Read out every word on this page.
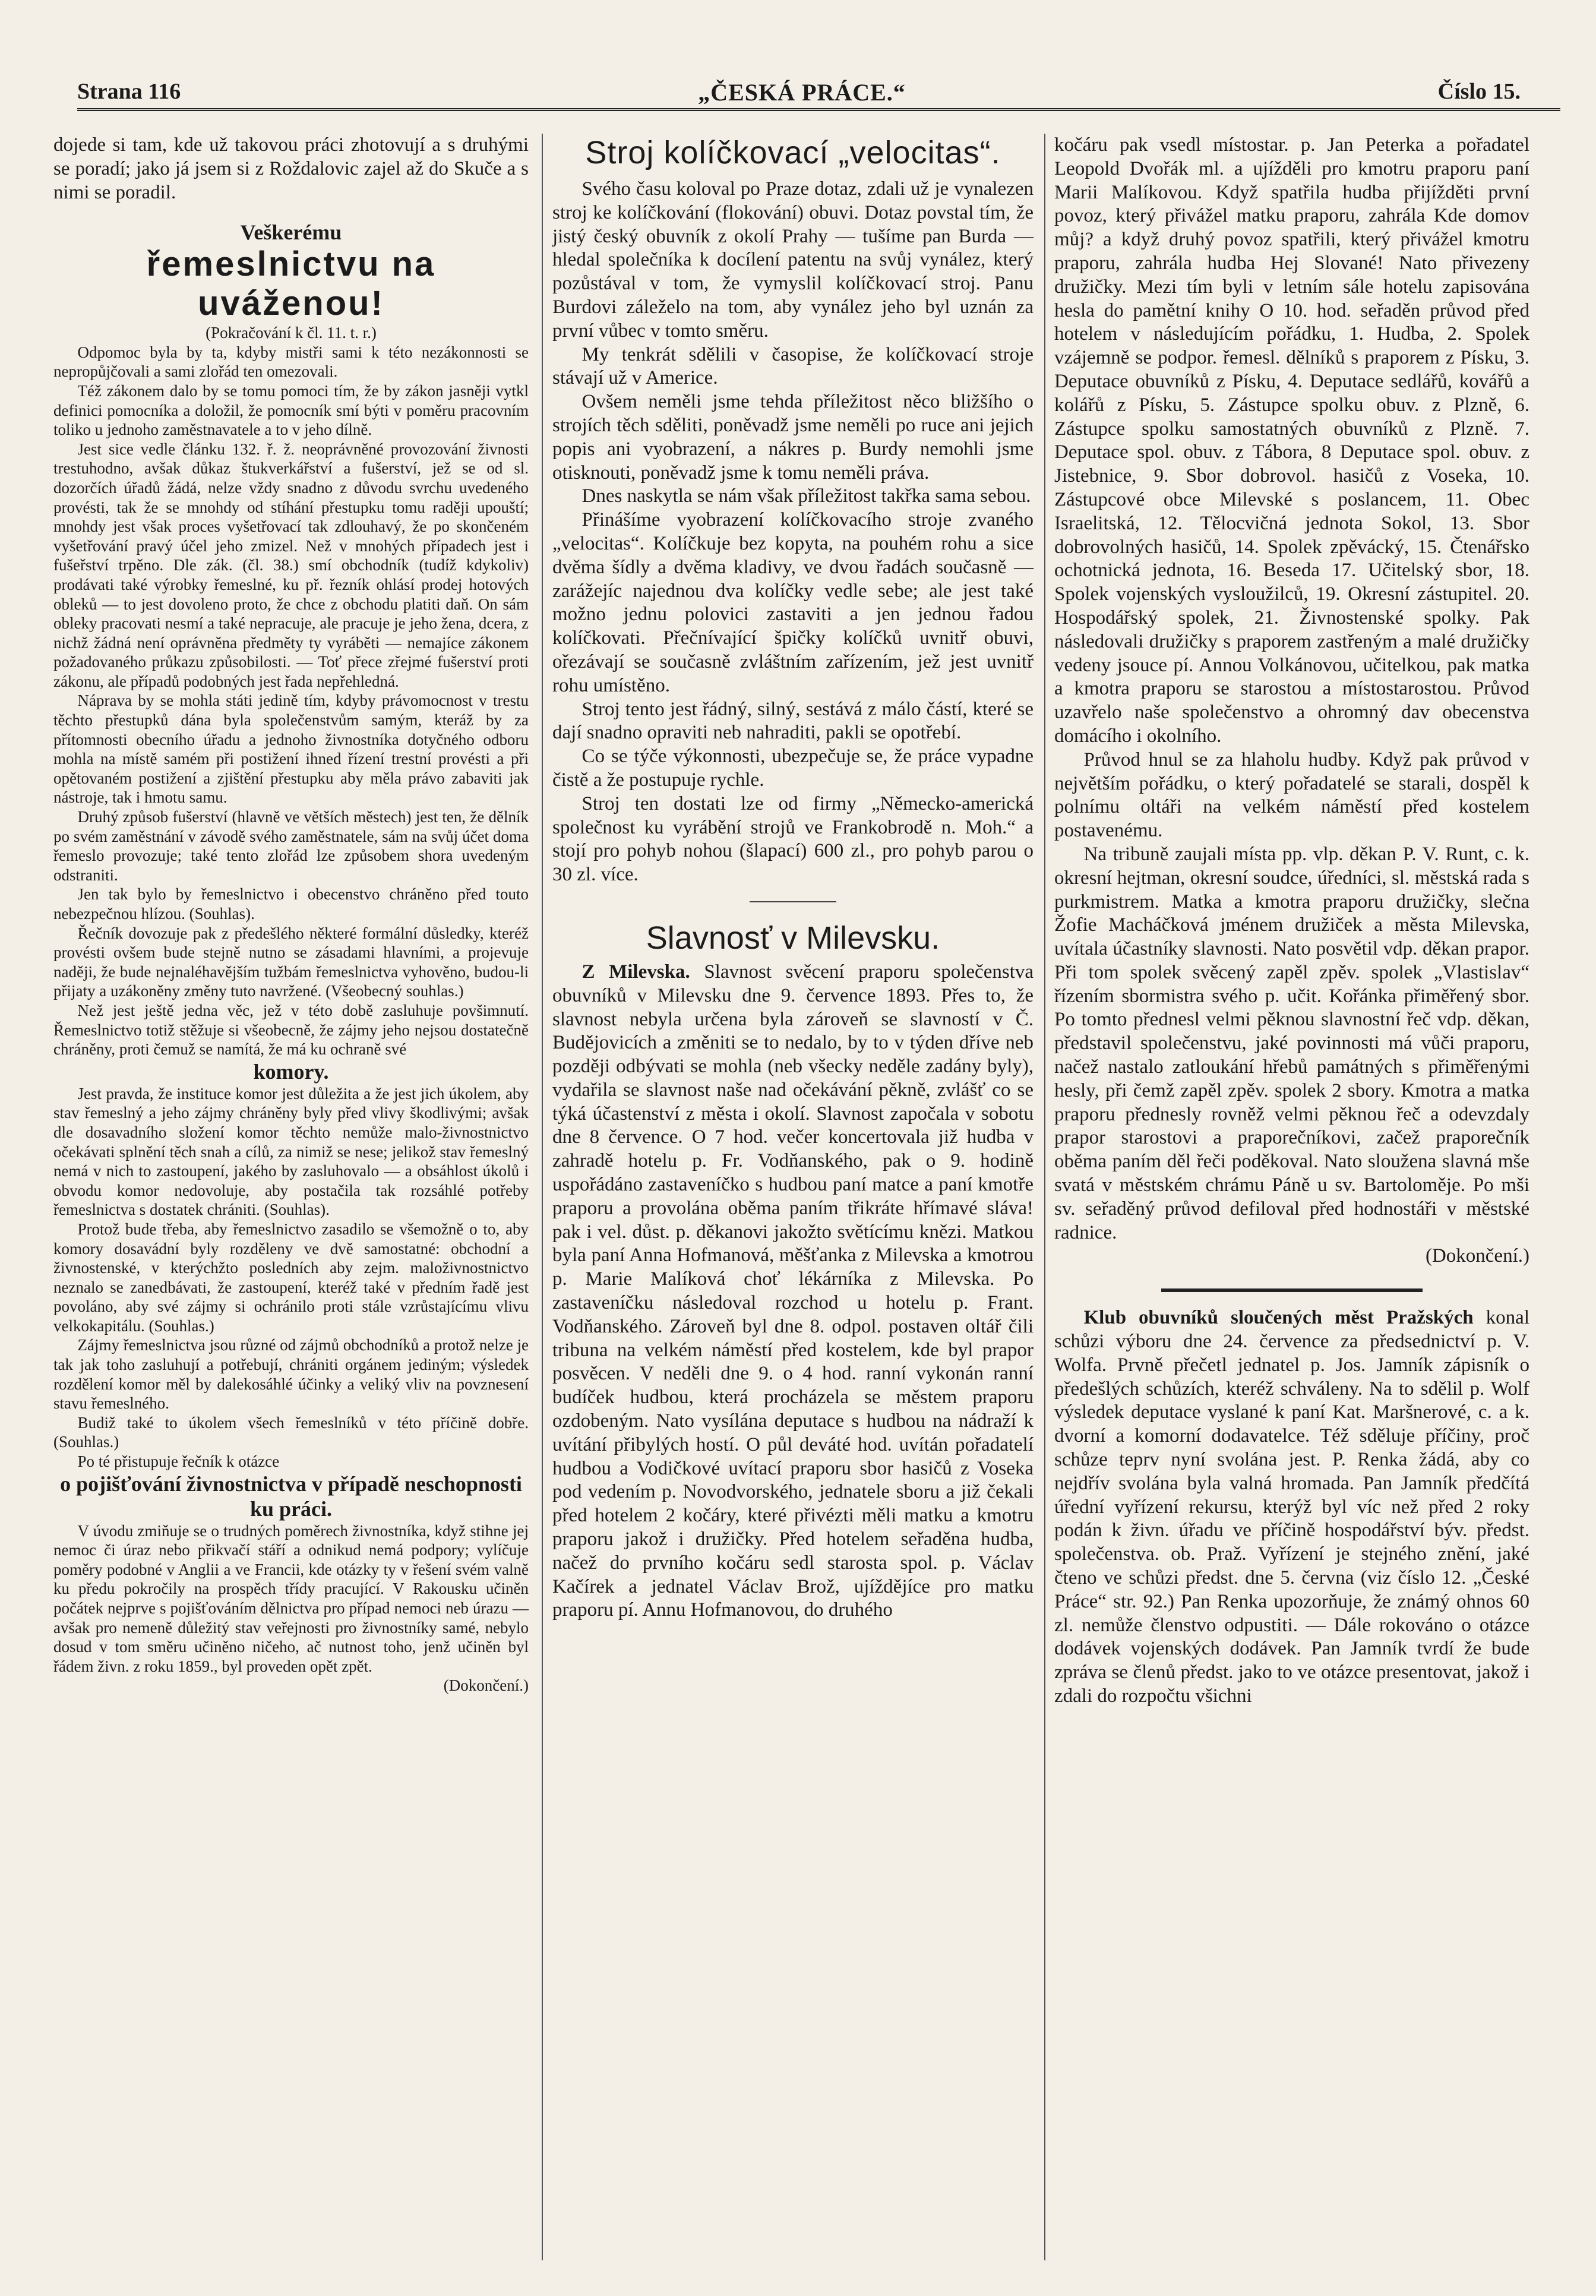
Strana 116	„ČESKÁ PRÁCE.“	Číslo 15.

dojede si tam, kde už takovou práci zhotovují a s druhými se poradí; jako já jsem si z Roždalovic zajel až do Skuče a s nimi se poradil.

Veškerému
řemeslnictvu na uváženou!

(Pokračování k čl. 11. t. r.)

Odpomoc byla by ta, kdyby mistři sami k této nezákonnosti se nepropůjčovali a sami zlořád ten omezovali.

Též zákonem dalo by se tomu pomoci tím, že by zákon jasněji vytkl definici pomocníka a doložil, že pomocník smí býti v poměru pracovním toliko u jednoho zaměstnavatele a to v jeho dílně.

Jest sice vedle článku 132. ř. ž. neoprávněné provozování živnosti trestuhodno, avšak důkaz štukverkářství a fušerství, jež se od sl. dozorčích úřadů žádá, nelze vždy snadno z důvodu svrchu uvedeného provésti, tak že se mnohdy od stíhání přestupku tomu raději upouští; mnohdy jest však proces vyšetřovací tak zdlouhavý, že po skončeném vyšetřování pravý účel jeho zmizel. Než v mnohých případech jest i fušeřství trpěno. Dle zák. (čl. 38.) smí obchodník (tudíž kdykoliv) prodávati také výrobky řemeslné, ku př. řezník ohlásí prodej hotových obleků — to jest dovoleno proto, že chce z obchodu platiti daň. On sám obleky pracovati nesmí a také nepracuje, ale pracuje je jeho žena, dcera, z nichž žádná není oprávněna předměty ty vyráběti — nemajíce zákonem požadovaného průkazu způsobilosti. — Toť přece zřejmé fušerství proti zákonu, ale případů podobných jest řada nepřehledná.

Náprava by se mohla státi jedině tím, kdyby právomocnost v trestu těchto přestupků dána byla společenstvům samým, kteráž by za přítomnosti obecního úřadu a jednoho živnostníka dotyčného odboru mohla na místě samém při postižení ihned řízení trestní provésti a při opětovaném postižení a zjištění přestupku aby měla právo zabaviti jak nástroje, tak i hmotu samu.

Druhý způsob fušerství (hlavně ve větších městech) jest ten, že dělník po svém zaměstnání v závodě svého zaměstnatele, sám na svůj účet doma řemeslo provozuje; také tento zlořád lze způsobem shora uvedeným odstraniti.

Jen tak bylo by řemeslnictvo i obecenstvo chráněno před touto nebezpečnou hlízou. (Souhlas).

Řečník dovozuje pak z předešlého některé formální důsledky, kteréž provésti ovšem bude stejně nutno se zásadami hlavními, a projevuje naději, že bude nejnaléhavějším tužbám řemeslnictva vyhověno, budou-li přijaty a uzákoněny změny tuto navržené. (Všeobecný souhlas.)

Než jest ještě jedna věc, jež v této době zasluhuje povšimnutí. Řemeslnictvo totiž stěžuje si všeobecně, že zájmy jeho nejsou dostatečně chráněny, proti čemuž se namítá, že má ku ochraně své

komory.

Jest pravda, že instituce komor jest důležita a že jest jich úkolem, aby stav řemeslný a jeho zájmy chráněny byly před vlivy škodlivými; avšak dle dosavadního složení komor těchto nemůže malo-živnostnictvo očekávati splnění těch snah a cílů, za nimiž se nese; jelikož stav řemeslný nemá v nich to zastoupení, jakého by zasluhovalo — a obsáhlost úkolů i obvodu komor nedovoluje, aby postačila tak rozsáhlé potřeby řemeslnictva s dostatek chrániti. (Souhlas).

Protož bude třeba, aby řemeslnictvo zasadilo se všemožně o to, aby komory dosavádní byly rozděleny ve dvě samostatné: obchodní a živnostenské, v kterýchžto posledních aby zejm. maloživnostnictvo neznalo se zanedbávati, že zastoupení, kteréž také v předním řadě jest povoláno, aby své zájmy si ochránilo proti stále vzrůstajícímu vlivu velkokapitálu. (Souhlas.)

Zájmy řemeslnictva jsou různé od zájmů obchodníků a protož nelze je tak jak toho zasluhují a potřebují, chrániti orgánem jediným; výsledek rozdělení komor měl by dalekosáhlé účinky a veliký vliv na povznesení stavu řemeslného.

Budiž také to úkolem všech řemeslníků v této příčině dobře. (Souhlas.)

Po té přistupuje řečník k otázce

o pojišťování živnostnictva v případě neschopnosti ku práci.

V úvodu zmiňuje se o trudných poměrech živnostníka, když stihne jej nemoc či úraz nebo přikvačí stáří a odnikud nemá podpory; vylíčuje poměry podobné v Anglii a ve Francii, kde otázky ty v řešení svém valně ku předu pokročily na prospěch třídy pracující. V Rakousku učiněn počátek nejprve s pojišťováním dělnictva pro případ nemoci neb úrazu — avšak pro nemeně důležitý stav veřejnosti pro živnostníky samé, nebylo dosud v tom směru učiněno ničeho, ač nutnost toho, jenž učiněn byl řádem živn. z roku 1859., byl proveden opět zpět.

(Dokončení.)

Stroj kolíčkovací „velocitas“.

Svého času koloval po Praze dotaz, zdali už je vynalezen stroj ke kolíčkování (flokování) obuvi. Dotaz povstal tím, že jistý český obuvník z okolí Prahy — tušíme pan Burda — hledal společníka k docílení patentu na svůj vynález, který pozůstával v tom, že vymyslil kolíčkovací stroj. Panu Burdovi záleželo na tom, aby vynález jeho byl uznán za první vůbec v tomto směru.

My tenkrát sdělili v časopise, že kolíčkovací stroje stávají už v Americe.

Ovšem neměli jsme tehda příležitost něco bližšího o strojích těch sděliti, poněvadž jsme neměli po ruce ani jejich popis ani vyobrazení, a nákres p. Burdy nemohli jsme otisknouti, poněvadž jsme k tomu neměli práva.

Dnes naskytla se nám však příležitost takřka sama sebou.

Přinášíme vyobrazení kolíčkovacího stroje zvaného „velocitas“. Kolíčkuje bez kopyta, na pouhém rohu a sice dvěma šídly a dvěma kladivy, ve dvou řadách současně — zarážejíc najednou dva kolíčky vedle sebe; ale jest také možno jednu polovici zastaviti a jen jednou řadou kolíčkovati. Přečnívající špičky kolíčků uvnitř obuvi, ořezávají se současně zvláštním zařízením, jež jest uvnitř rohu umístěno.

Stroj tento jest řádný, silný, sestává z málo částí, které se dají snadno opraviti neb nahraditi, pakli se opotřebí.

Co se týče výkonnosti, ubezpečuje se, že práce vypadne čistě a že postupuje rychle.

Stroj ten dostati lze od firmy „Německo-americká společnost ku vyrábění strojů ve Frankobrodě n. Moh.“ a stojí pro pohyb nohou (šlapací) 600 zl., pro pohyb parou o 30 zl. více.

Slavnosť v Milevsku.

Z Milevska. Slavnost svěcení praporu společenstva obuvníků v Milevsku dne 9. července 1893. Přes to, že slavnost nebyla určena byla zároveň se slavností v Č. Budějovicích a změniti se to nedalo, by to v týden dříve neb později odbývati se mohla (neb všecky neděle zadány byly), vydařila se slavnost naše nad očekávání pěkně, zvlášť co se týká účastenství z města i okolí. Slavnost započala v sobotu dne 8 července. O 7 hod. večer koncertovala již hudba v zahradě hotelu p. Fr. Vodňanského, pak o 9. hodině uspořádáno zastaveníčko s hudbou paní matce a paní kmotře praporu a provolána oběma paním třikráte hřímavé sláva! pak i vel. důst. p. děkanovi jakožto světícímu knězi. Matkou byla paní Anna Hofmanová, měšťanka z Milevska a kmotrou p. Marie Malíková choť lékárníka z Milevska. Po zastaveníčku následoval rozchod u hotelu p. Frant. Vodňanského. Zároveň byl dne 8. odpol. postaven oltář čili tribuna na velkém náměstí před kostelem, kde byl prapor posvěcen. V neděli dne 9. o 4 hod. ranní vykonán ranní budíček hudbou, která procházela se městem praporu ozdobeným. Nato vysílána deputace s hudbou na nádraží k uvítání přibylých hostí. O půl deváté hod. uvítán pořadatelí hudbou a Vodičkové uvítací praporu sbor hasičů z Voseka pod vedením p. Novodvorského, jednatele sboru a již čekali před hotelem 2 kočáry, které přivézti měli matku a kmotru praporu jakož i družičky. Před hotelem seřaděna hudba, načež do prvního kočáru sedl starosta spol. p. Václav Kačírek a jednatel Václav Brož, ujíždějíce pro matku praporu pí. Annu Hofmanovou, do druhého

kočáru pak vsedl místostar. p. Jan Peterka a pořadatel Leopold Dvořák ml. a ujížděli pro kmotru praporu paní Marii Malíkovou. Když spatřila hudba přijížděti první povoz, který přivážel matku praporu, zahrála Kde domov můj? a když druhý povoz spatřili, který přivážel kmotru praporu, zahrála hudba Hej Slované! Nato přivezeny družičky. Mezi tím byli v letním sále hotelu zapisována hesla do pamětní knihy O 10. hod. seřaděn průvod před hotelem v následujícím pořádku, 1. Hudba, 2. Spolek vzájemně se podpor. řemesl. dělníků s praporem z Písku, 3. Deputace obuvníků z Písku, 4. Deputace sedlářů, kovářů a kolářů z Písku, 5. Zástupce spolku obuv. z Plzně, 6. Zástupce spolku samostatných obuvníků z Plzně. 7. Deputace spol. obuv. z Tábora, 8 Deputace spol. obuv. z Jistebnice, 9. Sbor dobrovol. hasičů z Voseka, 10. Zástupcové obce Milevské s poslancem, 11. Obec Israelitská, 12. Tělocvičná jednota Sokol, 13. Sbor dobrovolných hasičů, 14. Spolek zpěvácký, 15. Čtenářsko ochotnická jednota, 16. Beseda 17. Učitelský sbor, 18. Spolek vojenských vysloužilců, 19. Okresní zástupitel. 20. Hospodářský spolek, 21. Živnostenské spolky. Pak následovali družičky s praporem zastřeným a malé družičky vedeny jsouce pí. Annou Volkánovou, učitelkou, pak matka a kmotra praporu se starostou a místostarostou. Průvod uzavřelo naše společenstvo a ohromný dav obecenstva domácího i okolního.

Průvod hnul se za hlaholu hudby. Když pak průvod v největším pořádku, o který pořadatelé se starali, dospěl k polnímu oltáři na velkém náměstí před kostelem postavenému.

Na tribuně zaujali místa pp. vlp. děkan P. V. Runt, c. k. okresní hejtman, okresní soudce, úředníci, sl. městská rada s purkmistrem. Matka a kmotra praporu družičky, slečna Žofie Macháčková jménem družiček a města Milevska, uvítala účastníky slavnosti. Nato posvětil vdp. děkan prapor. Při tom spolek svěcený zapěl zpěv. spolek „Vlastislav“ řízením sbormistra svého p. učit. Kořánka přiměřený sbor. Po tomto přednesl velmi pěknou slavnostní řeč vdp. děkan, představil společenstvu, jaké povinnosti má vůči praporu, načež nastalo zatloukání hřebů památných s přiměřenými hesly, při čemž zapěl zpěv. spolek 2 sbory. Kmotra a matka praporu přednesly rovněž velmi pěknou řeč a odevzdaly prapor starostovi a praporečníkovi, začež praporečník oběma paním děl řeči poděkoval. Nato sloužena slavná mše svatá v městském chrámu Páně u sv. Bartoloměje. Po mši sv. seřaděný průvod defiloval před hodnostáři v městské radnice.

(Dokončení.)

Klub obuvníků sloučených měst Pražských konal schůzi výboru dne 24. července za předsednictví p. V. Wolfa. Prvně přečetl jednatel p. Jos. Jamník zápisník o předešlých schůzích, kteréž schváleny. Na to sdělil p. Wolf výsledek deputace vyslané k paní Kat. Maršnerové, c. a k. dvorní a komorní dodavatelce. Též sděluje příčiny, proč schůze teprv nyní svolána jest. P. Renka žádá, aby co nejdřív svolána byla valná hromada. Pan Jamník předčítá úřední vyřízení rekursu, kterýž byl víc než před 2 roky podán k živn. úřadu ve příčině hospodářství býv. předst. společenstva. ob. Praž. Vyřízení je stejného znění, jaké čteno ve schůzi předst. dne 5. června (viz číslo 12. „České Práce“ str. 92.) Pan Renka upozorňuje, že známý ohnos 60 zl. nemůže členstvo odpustiti. — Dále rokováno o otázce dodávek vojenských dodávek. Pan Jamník tvrdí že bude zpráva se členů předst. jako to ve otázce presentovat, jakož i zdali do rozpočtu všichni
